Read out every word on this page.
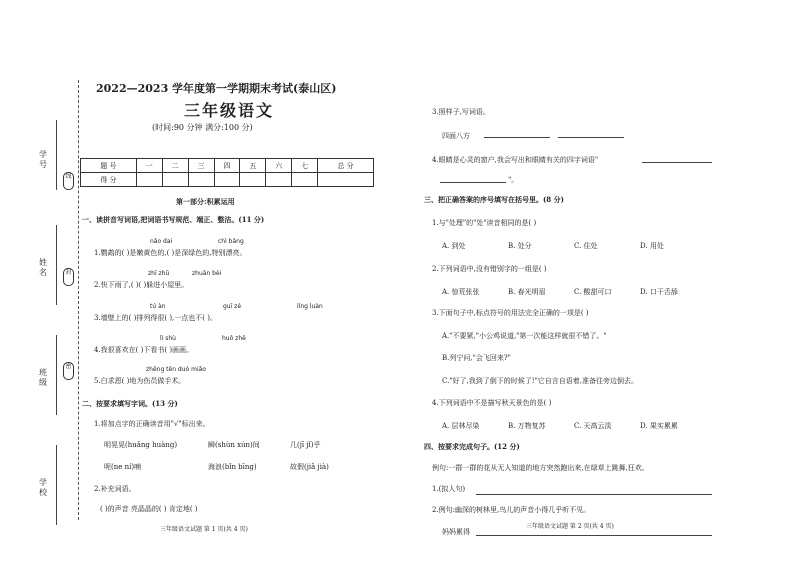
学 号
姓 名
班 级
学 校
线
封
密
2022—2023 学年度第一学期期末考试(泰山区)
三年级语文
(时间:90 分钟 满分:100 分)
题 号	一	二	三	四	五	六	七	总 分
得 分								
第一部分:积累运用
一、读拼音写词语,把词语书写规范、端正、整洁。(11 分)
nǎo dai	chì bǎng
1.鹦鹉的( )是嫩黄色的,( )是深绿色的,特别漂亮。
zhī zhū	zhuān bèi
2.快下雨了,( )( )躲进小屋里。
tú àn	guī zé	líng luàn
3.墙壁上的( )排列得很( ),一点也不( )。
lì shù	huǒ zhě
4.我很喜欢在( )下看书( )画画。
zhēng tēn duó miǎo
5.白求恩( )地为伤员做手术。
二、按要求填写字词。(13 分)
1.将加点字的正确读音用"√"标出来。
明晃晃(huǎng huàng)	瞬(shùn xún)间	几(jī jǐ)乎
呢(ne ní)喃	海浪(bǐn bīng)	故假(jiǎ jià)
2.补充词语。
( )的声音 亮晶晶的( ) 肯定地( )
三年级语文试题 第 1 页(共 4 页)
3.照样子,写词语。
四面八方
4.眼睛是心灵的窗户,我会写出和眼睛有关的四字词语"
"。
三、把正确答案的序号填写在括号里。(8 分)
1.与"处理"的"处"读音相同的是( )
A. 到处	B. 处分	C. 住处	D. 用处
2.下列词语中,没有错别字的一组是( )
A. 惊荒张张	B. 春光明眉	C. 酸甜可口	D. 口干舌舔
3.下面句子中,标点符号的用法完全正确的一项是( )
A."不要紧,"小公鸡说道,"第一次能这样就很不错了。"
B.列宁问,"会飞回来?"
C."好了,我到了倒下的时候了!"它自言自语着,准备往旁边倒去。
4.下列词语中不是描写秋天景色的是( )
A. 层林尽染	B. 万物复苏	C. 天高云淡	D. 果实累累
四、按要求完成句子。(12 分)
例句:一群一群的花从无人知道的地方突然跑出来,在绿草上跳舞,狂欢。
1.(拟人句)
2.例句:幽深的树林里,鸟儿的声音小得几乎听不见。
妈妈累得
三年级语文试题 第 2 页(共 4 页)
